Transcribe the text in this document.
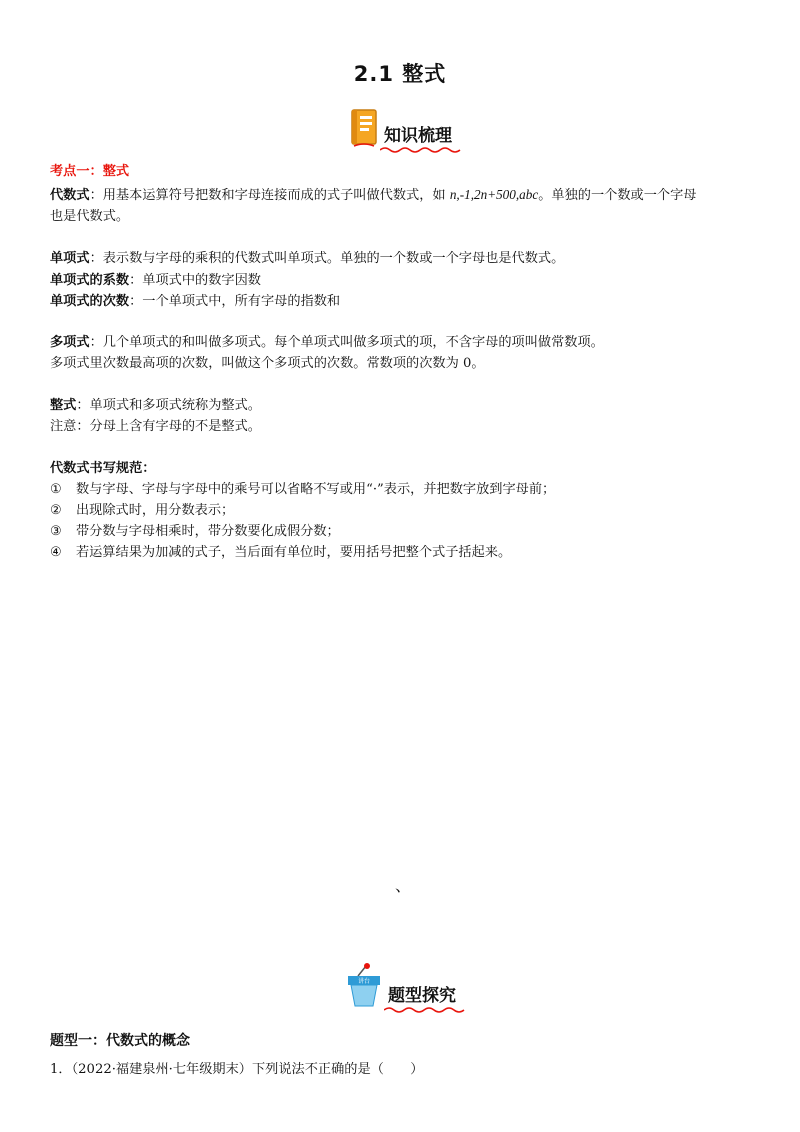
2.1 整式
知识梳理
考点一：整式
代数式：用基本运算符号把数和字母连接而成的式子叫做代数式，如 n,-1,2n+500,abc。单独的一个数或一个字母
也是代数式。
单项式：表示数与字母的乘积的代数式叫单项式。单独的一个数或一个字母也是代数式。
单项式的系数：单项式中的数字因数
单项式的次数：一个单项式中，所有字母的指数和
多项式：几个单项式的和叫做多项式。每个单项式叫做多项式的项，不含字母的项叫做常数项。
多项式里次数最高项的次数，叫做这个多项式的次数。常数项的次数为 0。
整式：单项式和多项式统称为整式。
注意：分母上含有字母的不是整式。
代数式书写规范：
① 数与字母、字母与字母中的乘号可以省略不写或用“·”表示，并把数字放到字母前；
② 出现除式时，用分数表示；
③ 带分数与字母相乘时，带分数要化成假分数；
④ 若运算结果为加减的式子，当后面有单位时，要用括号把整个式子括起来。
、
讲台
题型探究
题型一：代数式的概念
1．（2022·福建泉州·七年级期末）下列说法不正确的是（　　）
